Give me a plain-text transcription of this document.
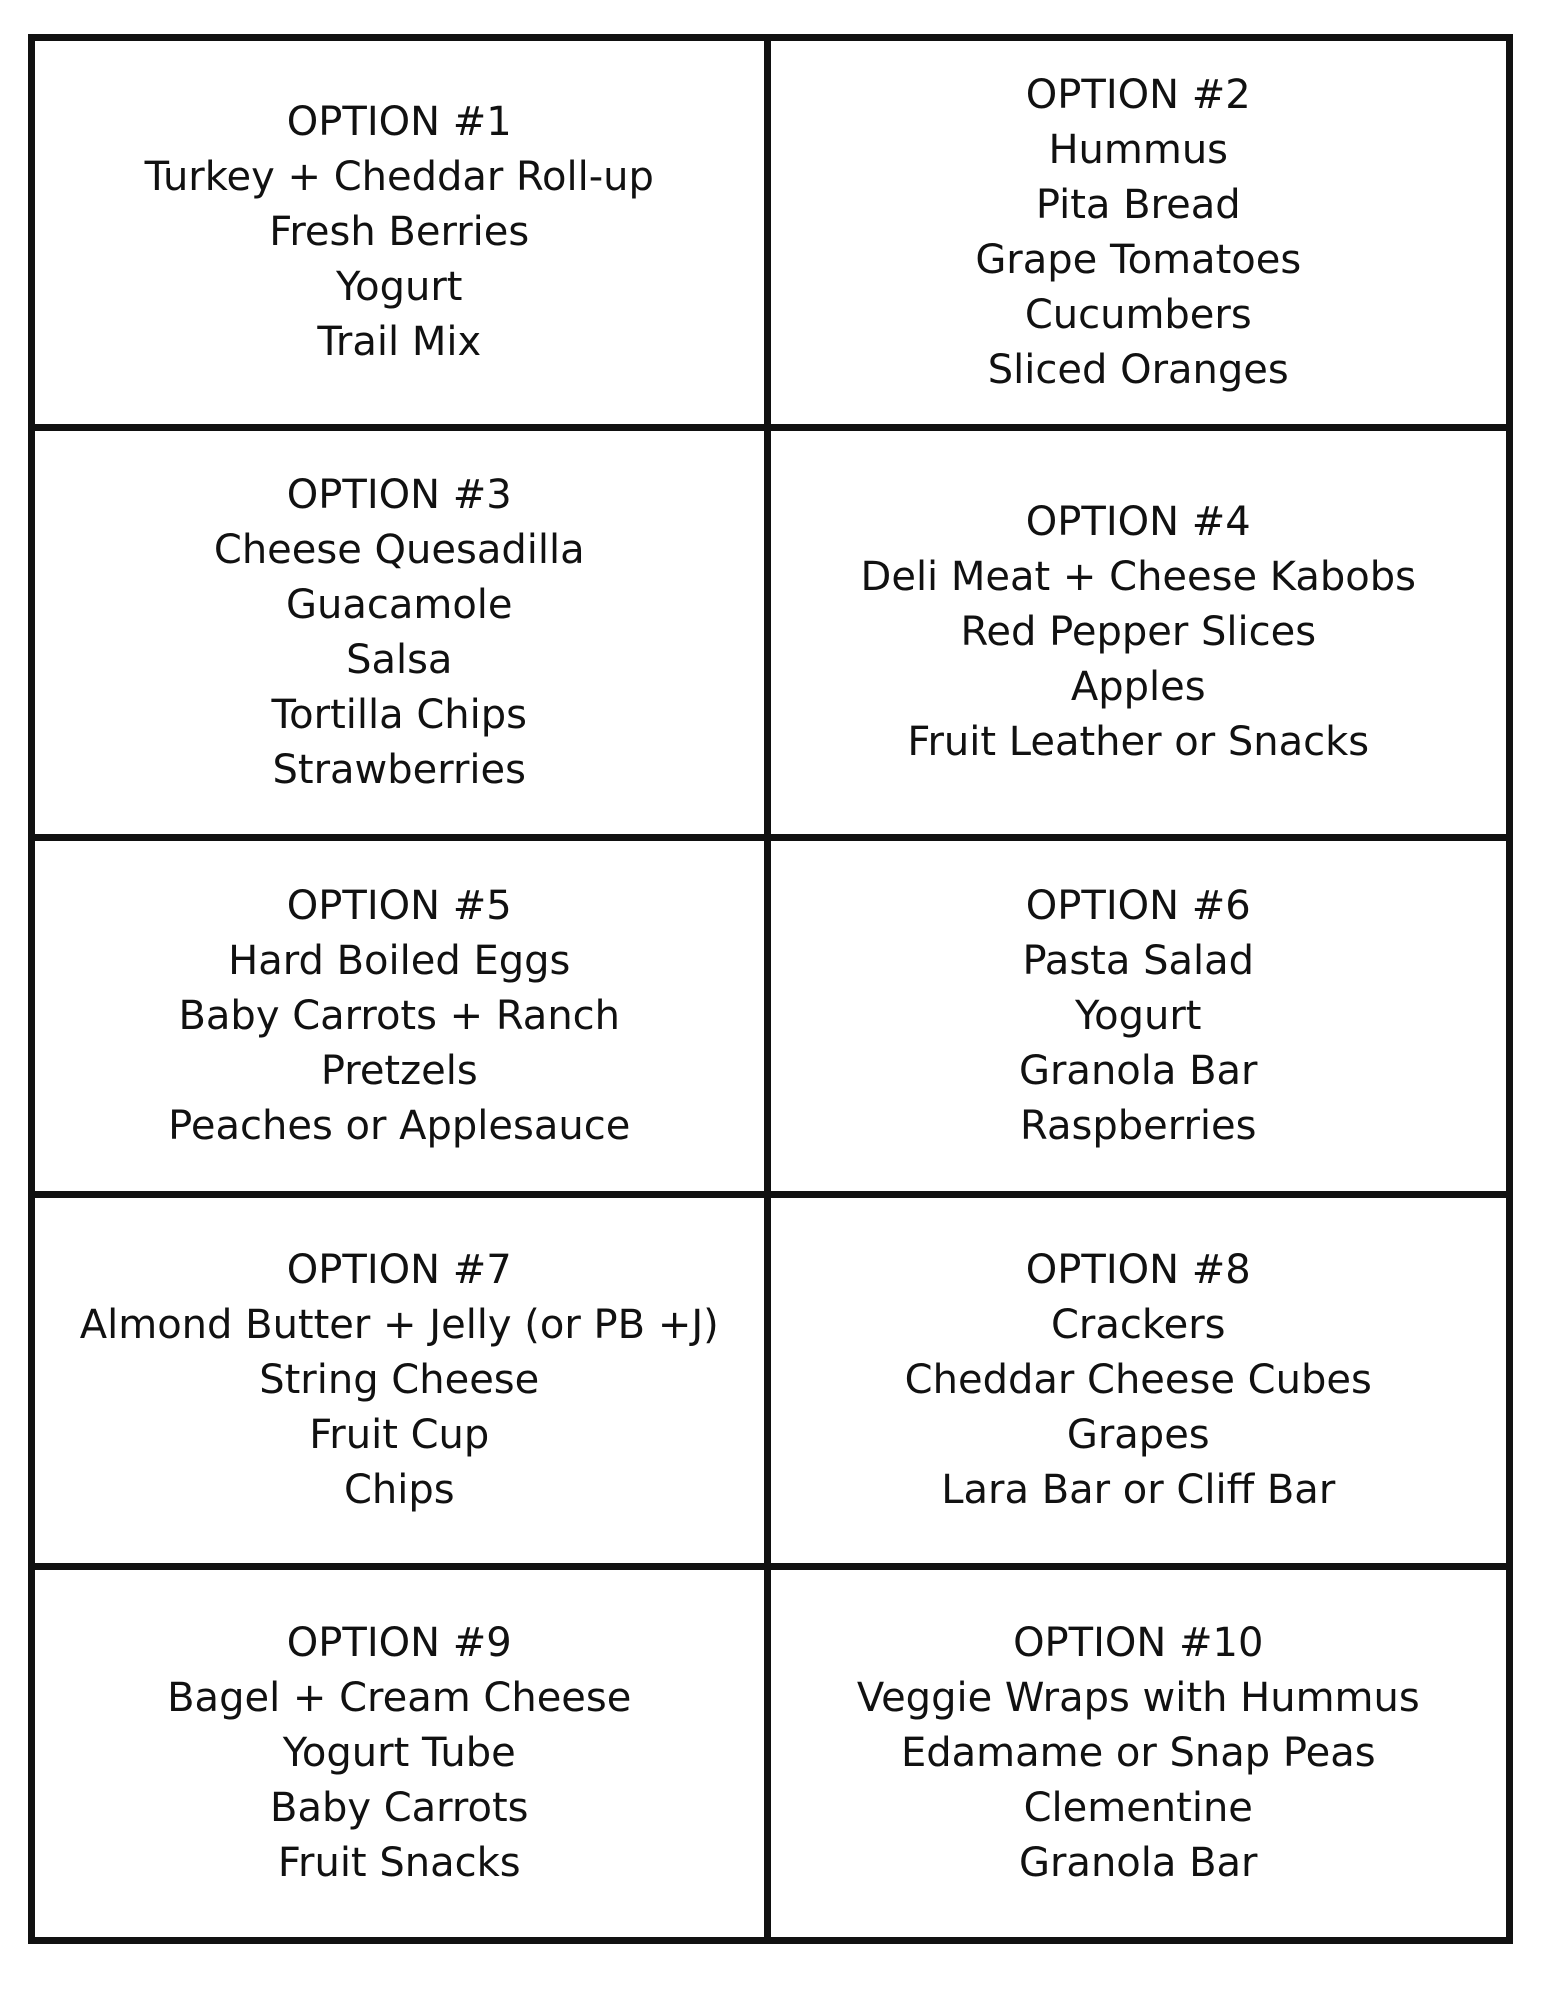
OPTION #1
Turkey + Cheddar Roll-up
Fresh Berries
Yogurt
Trail Mix
OPTION #2
Hummus
Pita Bread
Grape Tomatoes
Cucumbers
Sliced Oranges
OPTION #3
Cheese Quesadilla
Guacamole
Salsa
Tortilla Chips
Strawberries
OPTION #4
Deli Meat + Cheese Kabobs
Red Pepper Slices
Apples
Fruit Leather or Snacks
OPTION #5
Hard Boiled Eggs
Baby Carrots + Ranch
Pretzels
Peaches or Applesauce
OPTION #6
Pasta Salad
Yogurt
Granola Bar
Raspberries
OPTION #7
Almond Butter + Jelly (or PB +J)
String Cheese
Fruit Cup
Chips
OPTION #8
Crackers
Cheddar Cheese Cubes
Grapes
Lara Bar or Cliff Bar
OPTION #9
Bagel + Cream Cheese
Yogurt Tube
Baby Carrots
Fruit Snacks
OPTION #10
Veggie Wraps with Hummus
Edamame or Snap Peas
Clementine
Granola Bar
